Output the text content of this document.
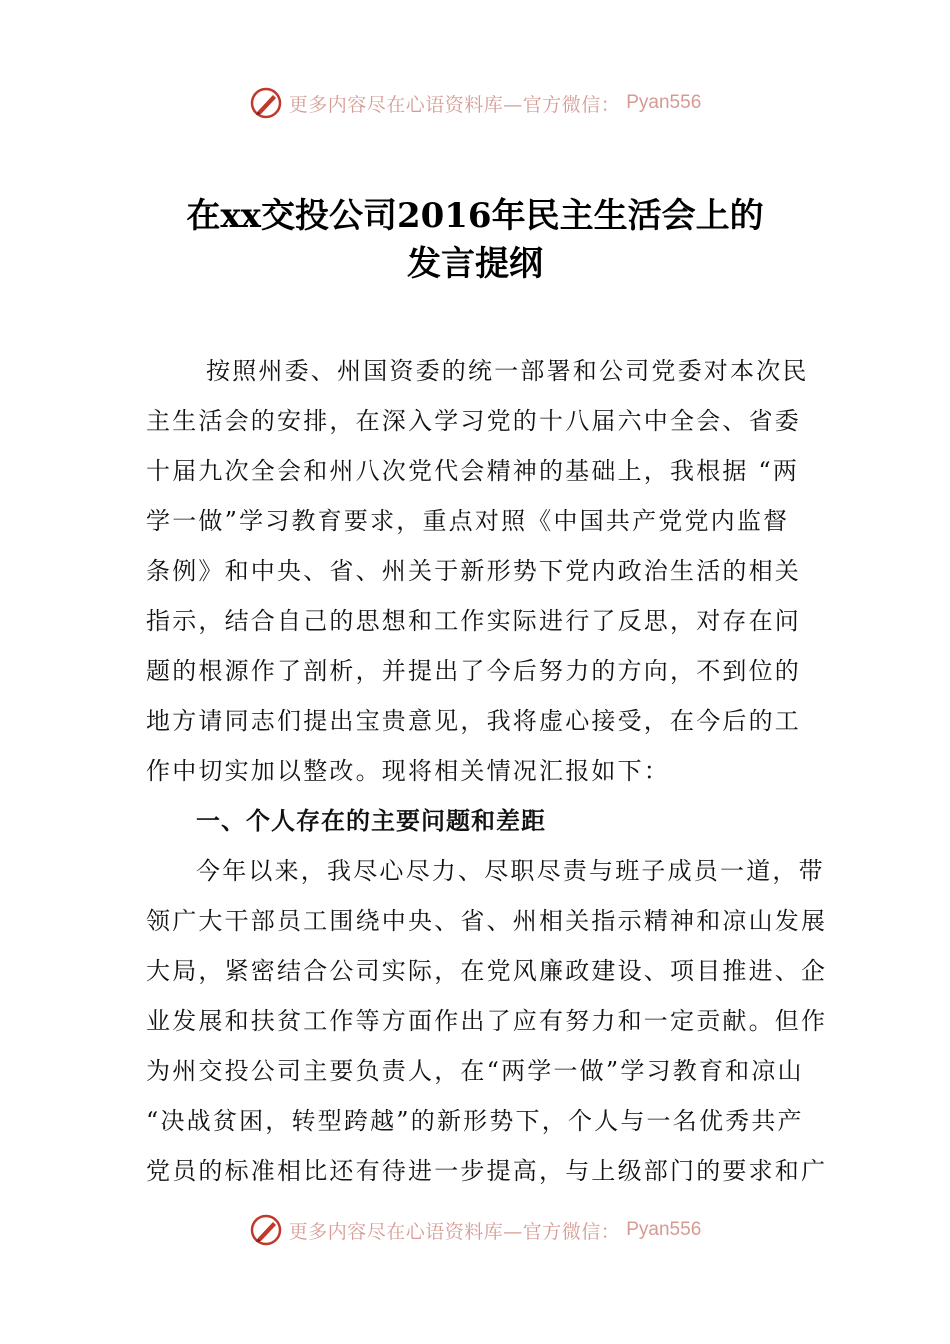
更多内容尽在心语资料库—官方微信： Pyan556
在xx交投公司2016年民主生活会上的
发言提纲
按照州委、州国资委的统一部署和公司党委对本次民
主生活会的安排，在深入学习党的十八届六中全会、省委
十届九次全会和州八次党代会精神的基础上，我根据 “两
学一做”学习教育要求，重点对照《中国共产党党内监督
条例》和中央、省、州关于新形势下党内政治生活的相关
指示，结合自己的思想和工作实际进行了反思，对存在问
题的根源作了剖析，并提出了今后努力的方向，不到位的
地方请同志们提出宝贵意见，我将虚心接受，在今后的工
作中切实加以整改。现将相关情况汇报如下：
一、个人存在的主要问题和差距
今年以来，我尽心尽力、尽职尽责与班子成员一道，带
领广大干部员工围绕中央、省、州相关指示精神和凉山发展
大局，紧密结合公司实际，在党风廉政建设、项目推进、企
业发展和扶贫工作等方面作出了应有努力和一定贡献。但作
为州交投公司主要负责人，在“两学一做”学习教育和凉山
“决战贫困，转型跨越”的新形势下，个人与一名优秀共产
党员的标准相比还有待进一步提高，与上级部门的要求和广
更多内容尽在心语资料库—官方微信： Pyan556
